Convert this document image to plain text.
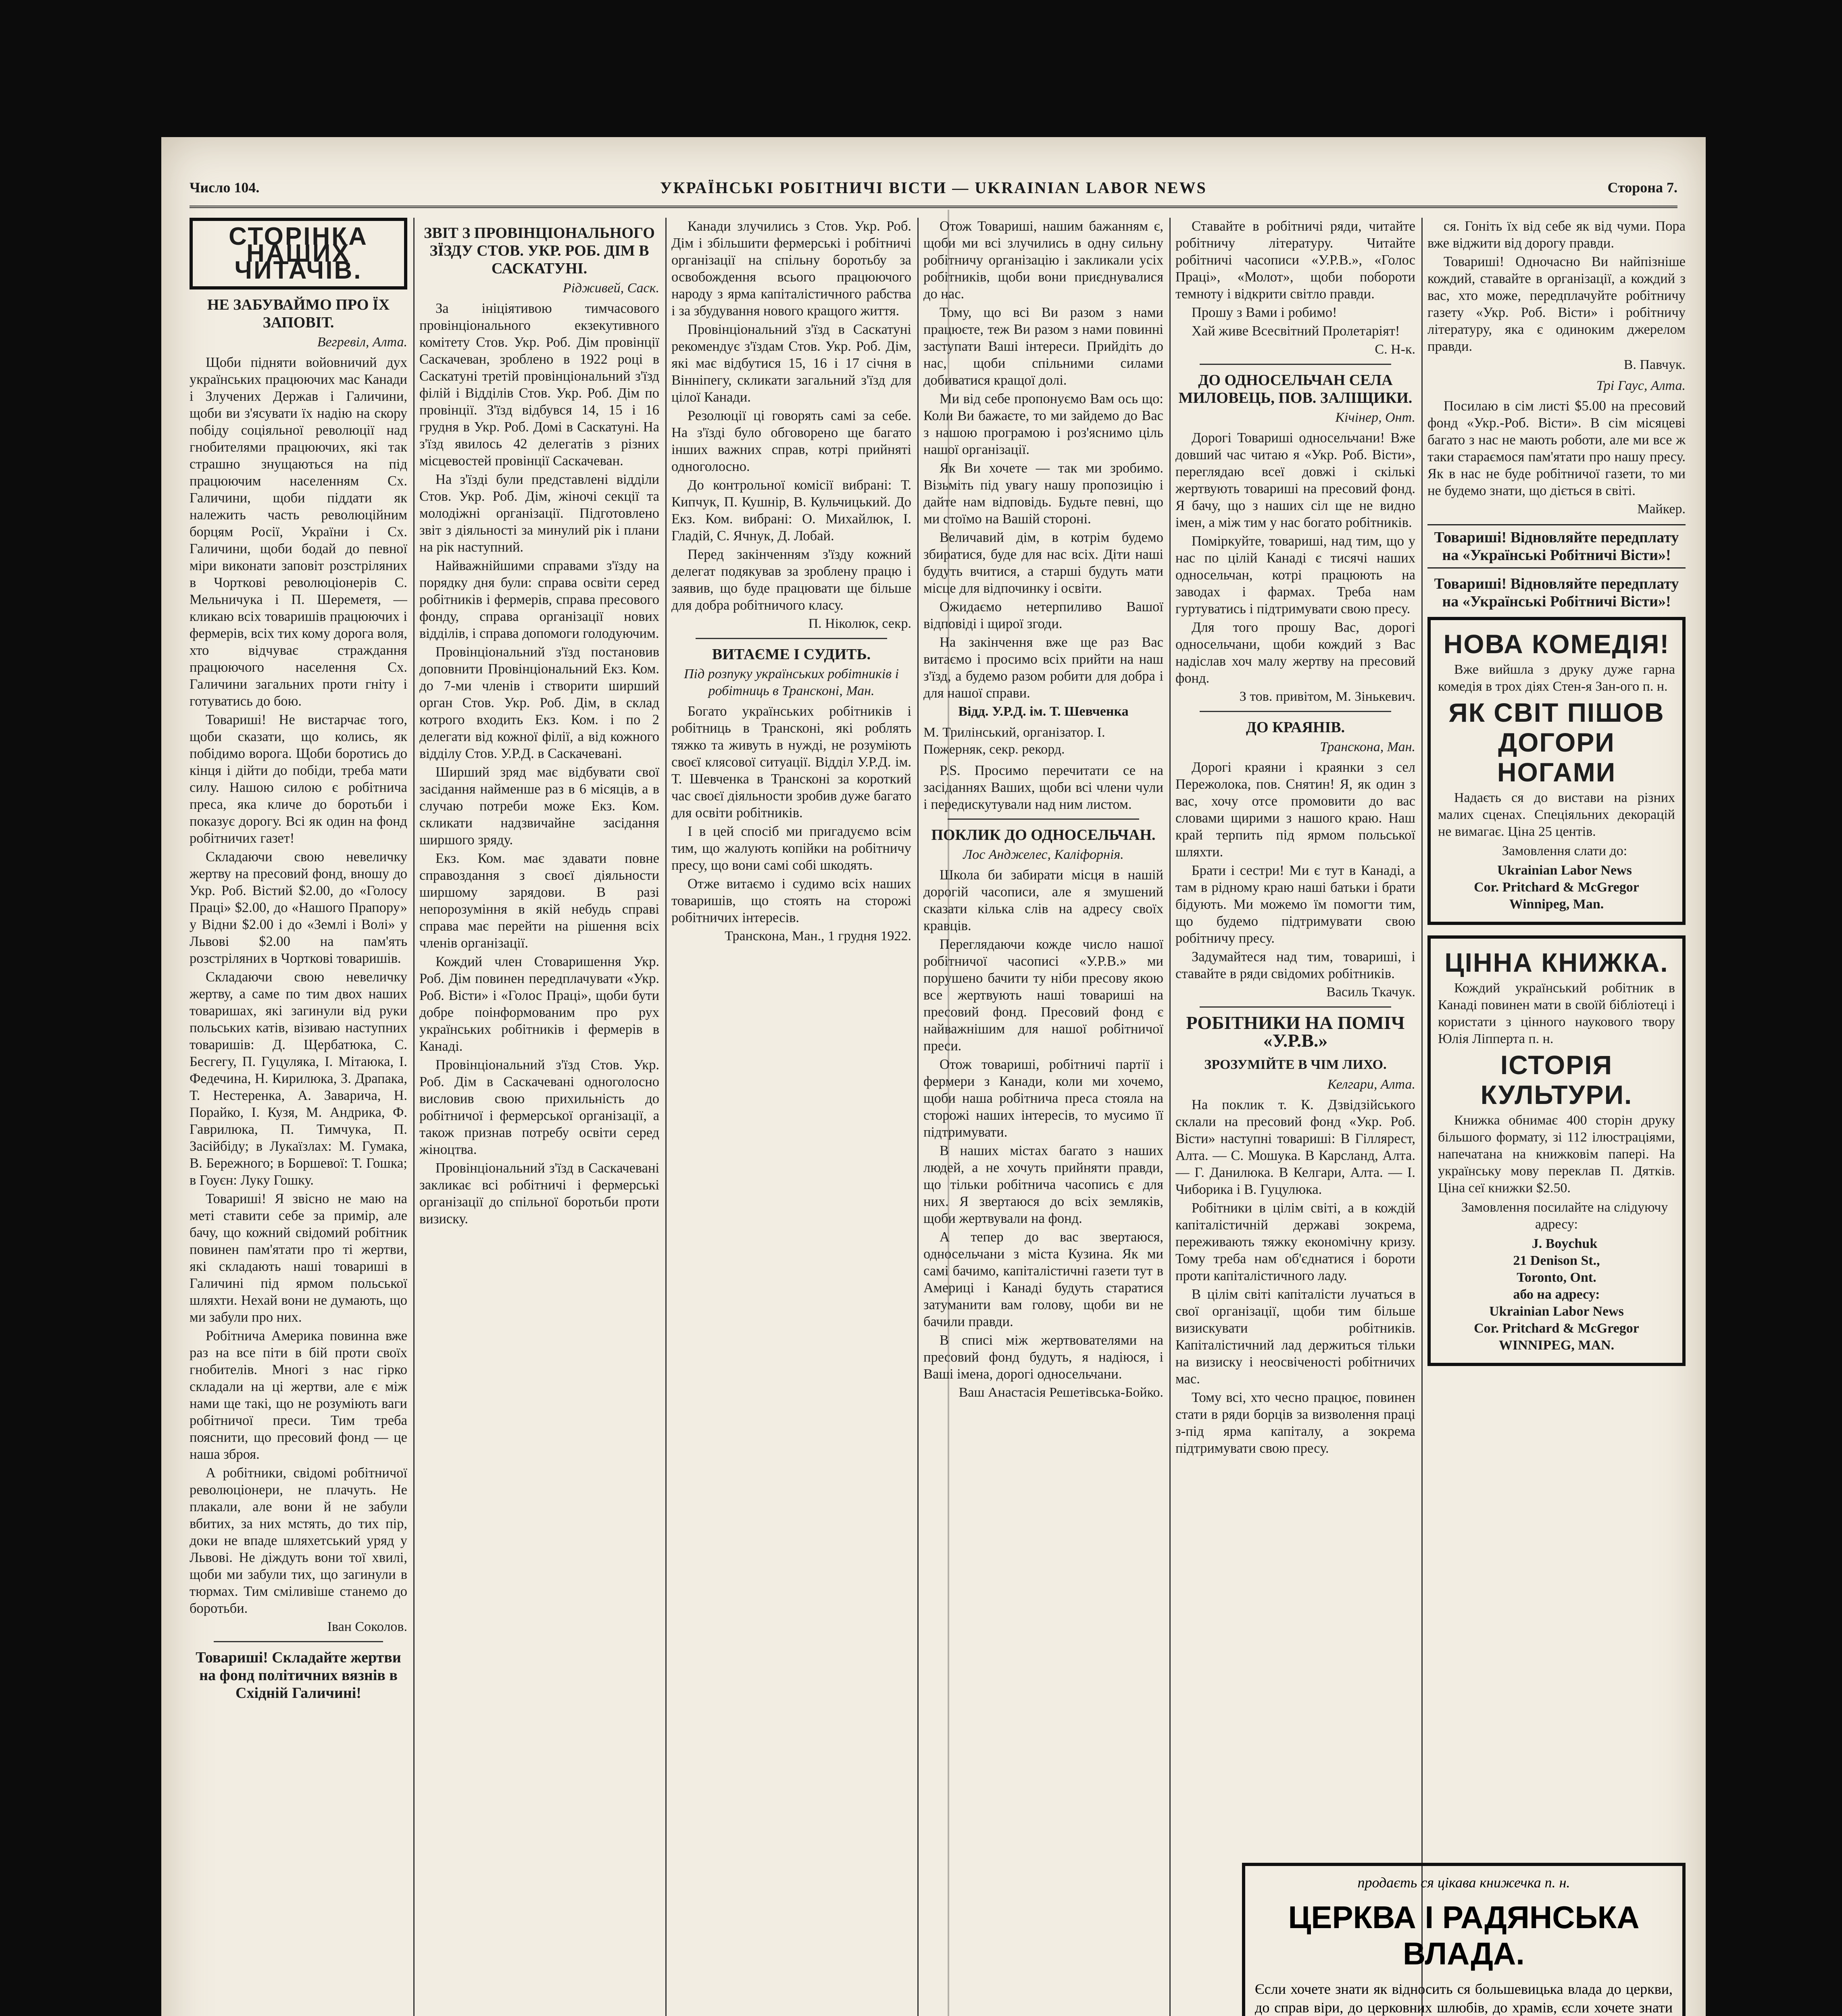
Число 104.	УКРАЇНСЬКІ РОБІТНИЧІ ВІСТИ — UKRAINIAN LABOR NEWS	Сторона 7.
СТОРІНКА НАШИХ ЧИТАЧІВ.
НЕ ЗАБУВАЙМО ПРО ЇХ ЗАПОВІТ.
Вегревіл, Алта.

Щоби підняти войовничий дух українських працюючих мас Канади і Злучених Держав і Галичини, щоби ви з'ясувати їх надію на скору побіду соціяльної революції над гнобителями працюючих, які так страшно знущаються на під працюючим населенням Сх. Галичини, щоби піддати як належить часть революційним борцям Росії, України і Сх. Галичини, щоби бодай до певної міри виконати заповіт розстріляних в Чорткові революціонерів С. Мельничука і П. Шереметя, — кликаю всіх товаришів працюючих і фермерів, всіх тих кому дорога воля, хто відчуває страждання працюючого населення Сх. Галичини загальних проти гніту і готуватись до бою.

Товариші! Не вистарчає того, щоби сказати, що колись, як побідимо ворога. Щоби боротись до кінця і дійти до побіди, треба мати силу. Нашою силою є робітнича преса, яка кличе до боротьби і показує дорогу. Всі як один на фонд робітничих газет!

Складаючи свою невеличку жертву на пресовий фонд, вношу до Укр. Роб. Вістий $2.00, до «Голосу Праці» $2.00, до «Нашого Прапору» у Відни $2.00 і до «Землі і Волі» у Львові $2.00 на пам'ять розстріляних в Чорткові товаришів.

Складаючи свою невеличку жертву, а саме по тим двох наших товаришах, які загинули від руки польських катів, візиваю наступних товаришів: Д. Щербатюка, С. Бесгегу, П. Гуцуляка, І. Мітаюка, І. Федечина, Н. Кирилюка, З. Драпака, Т. Нестеренка, А. Заварича, Н. Порайко, І. Кузя, М. Андрика, Ф. Гаврилюка, П. Тимчука, П. Засійбіду; в Лукаїзлах: М. Гумака, В. Бережного; в Боршевої: Т. Гошка; в Гоуєн: Луку Гошку.

Товариші! Я звісно не маю на меті ставити себе за примір, але бачу, що кожний свідомий робітник повинен пам'ятати про ті жертви, які складають наші товариші в Галичині під ярмом польської шляхти. Нехай вони не думають, що ми забули про них.

Робітнича Америка повинна вже раз на все піти в бій проти своїх гнобителів. Многі з нас гірко складали на ці жертви, але є між нами ще такі, що не розуміють ваги робітничої преси. Тим треба пояснити, що пресовий фонд — це наша зброя.

А робітники, свідомі робітничої революціонери, не плачуть. Не плакали, але вони й не забули вбитих, за них мстять, до тих пір, доки не впаде шляхетський уряд у Львові. Не діждуть вони тої хвилі, щоби ми забули тих, що загинули в тюрмах. Тим сміливіше станемо до боротьби.

Іван Соколов.
Товариші! Складайте жертви на фонд політичних вязнів в Східній Галичині!
ЗВІТ З ПРОВІНЦІОНАЛЬНОГО ЗЇЗДУ СТОВ. УКР. РОБ. ДІМ В САСКАТУНІ.
Рідживей, Саск.

За ініціятивою тимчасового провінціонального екзекутивного комітету Стов. Укр. Роб. Дім провінції Саскачеван, зроблено в 1922 році в Саскатуні третій провінціональний з'їзд філій і Відділів Стов. Укр. Роб. Дім по провінції. З'їзд відбувся 14, 15 і 16 грудня в Укр. Роб. Домі в Саскатуні. На з'їзд явилось 42 делегатів з різних місцевостей провінції Саскачеван.

На з'їзді були представлені відділи Стов. Укр. Роб. Дім, жіночі секції та молодіжні організації. Підготовлено звіт з діяльності за минулий рік і плани на рік наступний.

Найважнійшими справами з'їзду на порядку дня були: справа освіти серед робітників і фермерів, справа пресового фонду, справа організації нових відділів, і справа допомоги голодуючим.

Провінціональний з'їзд постановив доповнити Провінціональний Екз. Ком. до 7-ми членів і створити ширший орган Стов. Укр. Роб. Дім, в склад котрого входить Екз. Ком. і по 2 делегати від кожної філії, а від кожного відділу Стов. У.Р.Д. в Саскачевані.

Ширший зряд має відбувати свої засідання найменше раз в 6 місяців, а в случаю потреби може Екз. Ком. скликати надзвичайне засідання ширшого зряду.

Екз. Ком. має здавати повне справоздання з своєї діяльности ширшому зарядови. В разі непорозуміння в якій небудь справі справа має перейти на рішення всіх членів організації.

Кождий член Стоваришення Укр. Роб. Дім повинен передплачувати «Укр. Роб. Вісти» і «Голос Праці», щоби бути добре поінформованим про рух українських робітників і фермерів в Канаді.

Провінціональний з'їзд Стов. Укр. Роб. Дім в Саскачевані одноголосно висловив свою прихильність до робітничої і фермерської організації, а також признав потребу освіти серед жіноцтва.

Провінціональний з'їзд в Саскачевані закликає всі робітничі і фермерські організації до спільної боротьби проти визиску.

Канади злучились з Стов. Укр. Роб. Дім і збільшити фермерські і робітничі організації на спільну боротьбу за освобождення всього працюючого народу з ярма капіталістичного рабства і за збудування нового кращого життя.

Провінціональний з'їзд в Саскатуні рекомендує з'їздам Стов. Укр. Роб. Дім, які має відбутися 15, 16 і 17 січня в Вінніпегу, скликати загальний з'їзд для цілої Канади.

Резолюції ці говорять самі за себе. На з'їзді було обговорено ще багато інших важних справ, котрі прийняті одноголосно.

До контрольної комісії вибрані: Т. Кипчук, П. Кушнір, В. Кульчицький. До Екз. Ком. вибрані: О. Михайлюк, І. Гладій, С. Ячнук, Д. Лобай.

Перед закінченням з'їзду кожний делегат подякував за зроблену працю і заявив, що буде працювати ще більше для добра робітничого класу.

П. Ніколюк, секр.
ВИТАЄМЕ І СУДИТЬ.
Під розпуку українських робітників і робітниць в Трансконі, Ман.

Богато українських робітників і робітниць в Трансконі, які роблять тяжко та живуть в нужді, не розуміють своєї клясової ситуації. Відділ У.Р.Д. ім. Т. Шевченка в Трансконі за короткий час своєї діяльности зробив дуже багато для освіти робітників.

І в цей спосіб ми пригадуємо всім тим, що жалують копійки на робітничу пресу, що вони самі собі шкодять.

Отже витаємо і судимо всіх наших товаришів, що стоять на сторожі робітничих інтересів.

Трансконa, Ман., 1 грудня 1922.

Отож Товариші, нашим бажанням є, щоби ми всі злучились в одну сильну робітничу організацію і закликали усіх робітників, щоби вони приєднувалися до нас.

Тому, що всі Ви разом з нами працюєте, теж Ви разом з нами повинні заступати Ваші інтереси. Прийдіть до нас, щоби спільними силами добиватися кращої долі.

Ми від себе пропонуємо Вам ось що: Коли Ви бажаєте, то ми зайдемо до Вас з нашою програмою і роз'яснимо ціль нашої організації.

Як Ви хочете — так ми зробимо. Візьміть під увагу нашу пропозицію і дайте нам відповідь. Будьте певні, що ми стоїмо на Вашій стороні.

Величавий дім, в котрім будемо збиратися, буде для нас всіх. Діти наші будуть вчитися, а старші будуть мати місце для відпочинку і освіти.

Ожидаємо нетерпиливо Вашої відповіді і щирої згоди.

На закінчення вже ще раз Вас витаємо і просимо всіх прийти на наш з'їзд, а будемо разом робити для добра і для нашої справи.

Відд. У.Р.Д. ім. Т. Шевченка
М. Трилінський, організатор. І. Пожерняк, секр. рекорд.

P.S. Просимо перечитати се на засіданнях Ваших, щоби всі члени чули і передискутували над ним листом.

ПОКЛИК ДО ОДНОСЕЛЬЧАН.
Лос Анджелес, Каліфорнія.

Школа би забирати місця в нашій дорогій часописи, але я змушений сказати кілька слів на адресу своїх кравців.

Переглядаючи кожде число нашої робітничої часописі «У.Р.В.» ми порушено бачити ту ніби пресову якою все жертвують наші товариші на пресовий фонд. Пресовий фонд є найважнішим для нашої робітничої преси.

Отож товариші, робітничі партії і фермери з Канади, коли ми хочемо, щоби наша робітнича преса стояла на сторожі наших інтересів, то мусимо її підтримувати.

В наших містах багато з наших людей, а не хочуть прийняти правди, що тільки робітнича часопись є для них. Я звертаюся до всіх земляків, щоби жертвували на фонд.

А тепер до вас звертаюся, односельчани з міста Кузина. Як ми самі бачимо, капіталістичні газети тут в Америці і Канаді будуть старатися затуманити вам голову, щоби ви не бачили правди.

В списі між жертвователями на пресовий фонд будуть, я надіюся, і Ваші імена, дорогі односельчани.

Ваш Анастасія Решетівська-Бойко.

Ставайте в робітничі ряди, читайте робітничу літературу. Читайте робітничі часописи «У.Р.В.», «Голос Праці», «Молот», щоби побороти темноту і відкрити світло правди.

Прошу з Вами і робимо!

Хай живе Всесвітний Пролетаріят!

С. Н-к.
ДО ОДНОСЕЛЬЧАН СЕЛА МИЛОВЕЦЬ, ПОВ. ЗАЛІЩИКИ.
Кічінер, Онт.

Дорогі Товариші односельчани! Вже довший час читаю я «Укр. Роб. Вісти», переглядаю всеї довжі і скількі жертвують товариші на пресовий фонд. Я бачу, що з наших сіл ще не видно імен, а між тим у нас богато робітників.

Поміркуйте, товариші, над тим, що у нас по цілій Канаді є тисячі наших односельчан, котрі працюють на заводах і фармах. Треба нам гуртуватись і підтримувати свою пресу.

Для того прошу Вас, дорогі односельчани, щоби кождий з Вас надіслав хоч малу жертву на пресовий фонд.

З тов. привітом, М. Зінькевич.
ДО КРАЯНІВ.
Трансконa, Ман.

Дорогі краяни і краянки з сел Пережолока, пов. Снятин! Я, як один з вас, хочу отсе промовити до вас словами щирими з нашого краю. Наш край терпить під ярмом польської шляхти.

Брати і сестри! Ми є тут в Канаді, а там в рідному краю наші батьки і брати бідують. Ми можемо їм помогти тим, що будемо підтримувати свою робітничу пресу.

Задумайтеся над тим, товариші, і ставайте в ряди свідомих робітників.

Василь Ткачук.
РОБІТНИКИ НА ПОМІЧ «У.Р.В.»
ЗРОЗУМІЙТЕ В ЧІМ ЛИХО.
Келгари, Алта.

На поклик т. К. Дзвідзійського склали на пресовий фонд «Укр. Роб. Вісти» наступні товариші: В Гіллярест, Алта. — С. Мошука. В Карсланд, Алта. — Г. Данилюка. В Келгари, Алта. — І. Чиборика і В. Гуцулюка.

Робітники в цілім світі, а в кождій капіталістичній державі зокрема, переживають тяжку економічну кризу. Тому треба нам об'єднатися і бороти проти капіталістичного ладу.

В цілім світі капіталісти лучаться в свої організації, щоби тим більше визискувати робітників. Капіталістичний лад держиться тільки на визиску і неосвіченості робітничих мас.

Тому всі, хто чесно працює, повинен стати в ряди борців за визволення праці з-під ярма капіталу, а зокрема підтримувати свою пресу.

ся. Гоніть їх від себе як від чуми. Пора вже віджити від дорогу правди.

Товариші! Одночасно Ви найпізніше кождий, ставайте в організації, а кождий з вас, хто може, передплачуйте робітничу газету «Укр. Роб. Вісти» і робітничу літературу, яка є одиноким джерелом правди.

В. Павчук.
Трі Гаус, Алта.

Посилаю в сім листі $5.00 на пресовий фонд «Укр.-Роб. Вісти». В сім місяцеві багато з нас не мають роботи, але ми все ж таки стараємося пам'ятати про нашу пресу. Як в нас не буде робітничої газети, то ми не будемо знати, що діється в світі.

Майкер.
Товариші! Відновляйте передплату на «Українські Робітничі Вісти»!
Товариші! Відновляйте передплату на «Українські Робітничі Вісти»!
НОВА КОМЕДІЯ!

Вже вийшла з друку дуже гарна комедія в трох діях Стен-я Зан-ого п. н.

ЯК СВІТ ПІШОВ ДОГОРИ НОГАМИ

Надаєть ся до вистави на різних малих сценах. Спеціяльних декорацій не вимагає. Ціна 25 центів.

Замовлення слати до:

Ukrainian Labor News
Cor. Pritchard & McGregor
Winnipeg, Man.

ЦІННА КНИЖКА.

Кождий український робітник в Канаді повинен мати в своїй бібліотеці і користати з цінного наукового твору Юлія Ліпперта п. н.

ІСТОРІЯ КУЛЬТУРИ.

Книжка обнимає 400 сторін друку більшого формату, зі 112 ілюстраціями, напечатана на книжковім папері. На українську мову переклав П. Дятків. Ціна сеї книжки $2.50.

Замовлення посилайте на слідуючу адресу:

J. Boychuk
21 Denison St.,
Toronto, Ont.
або на адресу:
Ukrainian Labor News
Cor. Pritchard & McGregor
WINNIPEG, MAN.

продаєть ся цікава книжечка п. н.
ЦЕРКВА І РАДЯНСЬКА ВЛАДА.

Єсли хочете знати як відносить ся большевицька влада до церкви, до справ віри, до церковних шлюбів, до храмів, єсли хочете знати
